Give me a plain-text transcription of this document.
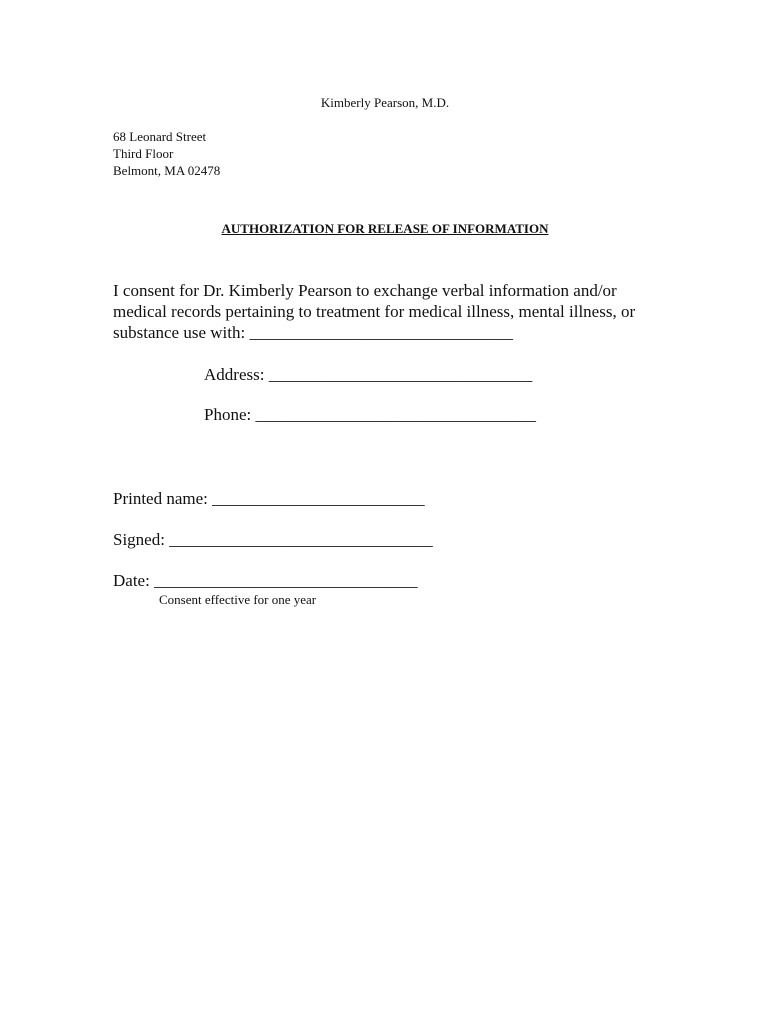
Kimberly Pearson, M.D.
68 Leonard Street
Third Floor
Belmont, MA 02478
AUTHORIZATION FOR RELEASE OF INFORMATION
I consent for Dr. Kimberly Pearson to exchange verbal information and/or
medical records pertaining to treatment for medical illness, mental illness, or
substance use with: _______________________________
Address: _______________________________
Phone: _________________________________
Printed name: _________________________
Signed: _______________________________
Date: _______________________________
Consent effective for one year
